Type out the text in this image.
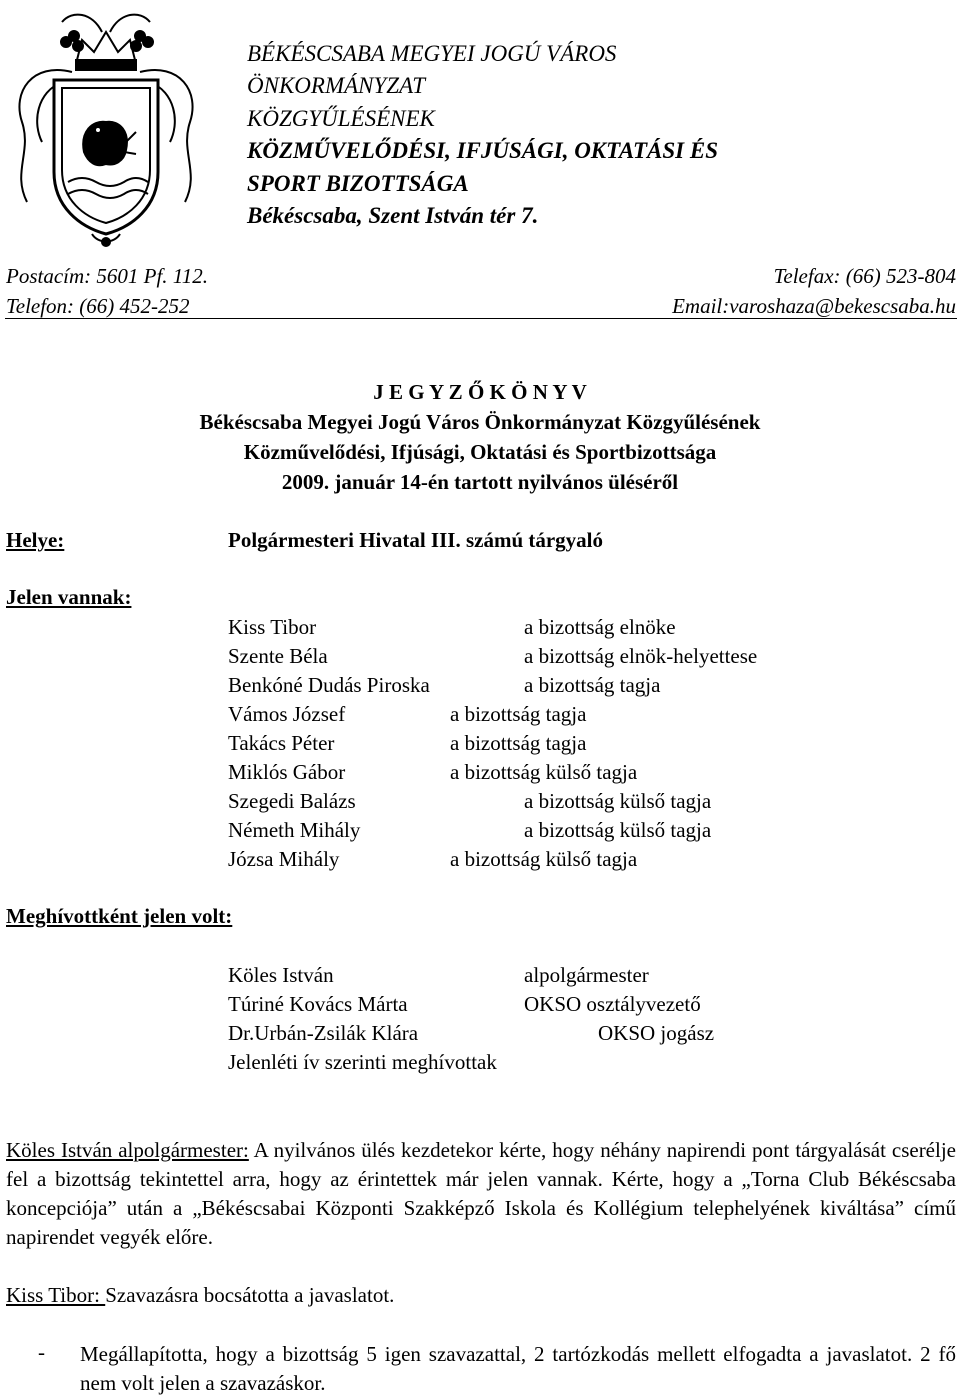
BÉKÉSCSABA MEGYEI JOGÚ VÁROS
ÖNKORMÁNYZAT
KÖZGYŰLÉSÉNEK
KÖZMŰVELŐDÉSI, IFJÚSÁGI, OKTATÁSI ÉS
SPORT BIZOTTSÁGA
Békéscsaba, Szent István tér 7.
Postacím: 5601 Pf. 112.
Telefon: (66) 452-252
Telefax: (66) 523-804
Email:varoshaza@bekescsaba.hu
J E G Y Z Ő K Ö N Y V
Békéscsaba Megyei Jogú Város Önkormányzat Közgyűlésének
Közművelődési, Ifjúsági, Oktatási és Sportbizottsága
2009. január 14-én tartott nyilvános üléséről
Helye:	Polgármesteri Hivatal III. számú tárgyaló
Jelen vannak:
Kiss Tibor	a bizottság elnöke
Szente Béla	a bizottság elnök-helyettese
Benkóné Dudás Piroska	a bizottság tagja
Vámos József	a bizottság tagja
Takács Péter	a bizottság tagja
Miklós Gábor	a bizottság külső tagja
Szegedi Balázs	a bizottság külső tagja
Németh Mihály	a bizottság külső tagja
Józsa Mihály	a bizottság külső tagja
Meghívottként jelen volt:
Köles István	alpolgármester
Túriné Kovács Márta	OKSO osztályvezető
Dr.Urbán-Zsilák Klára	OKSO jogász
Jelenléti ív szerinti meghívottak
Köles István alpolgármester: A nyilvános ülés kezdetekor kérte, hogy néhány napirendi pont tárgyalását cserélje fel a bizottság tekintettel arra, hogy az érintettek már jelen vannak. Kérte, hogy a „Torna Club Békéscsaba koncepciója” után a „Békéscsabai Központi Szakképző Iskola és Kollégium telephelyének kiváltása” című napirendet vegyék előre.
Kiss Tibor: Szavazásra bocsátotta a javaslatot.
- Megállapította, hogy a bizottság 5 igen szavazattal, 2 tartózkodás mellett elfogadta a javaslatot. 2 fő nem volt jelen a szavazáskor.
